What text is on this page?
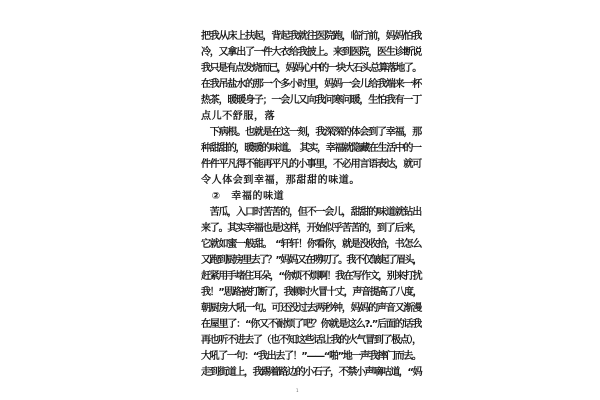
把我从床上扶起，背起我就往医院跑，临行前，妈妈怕我
冷，又拿出了一件大衣给我披上。来到医院，医生诊断说
我只是有点发烧而已，妈妈心中的一块大石头总算落地了。
在我吊盐水的那一个多小时里，妈妈一会儿给我端来一杯
热茶，暖暖身子；一会儿又向我问寒问暖，生怕我有一丁
点儿不舒服，落
　下病根。也就是在这一刻，我深深的体会到了幸福，那
种甜甜的，暖暖的味道。　其实，幸福就隐藏在生活中的一
件件平凡得不能再平凡的小事里，不必用言语表达，就可
令人体会到幸福，那甜甜的味道。
　②　幸福的味道
　苦瓜，入口时苦苦的，但不一会儿，甜甜的味道就钻出
来了。其实幸福也是这样，开始似乎苦苦的，到了后来，
它就如蜜一般甜。　“轩轩！你看你，就是没收拾，书怎么
又跑到厨房里去了？”妈妈又在唠叨了。我不仅皱起了眉头，
赶紧用手堵住耳朵，“你烦不烦啊！我在写作文，别来打扰
我！”思路被打断了，我顿时火冒十丈，声音提高了八度，
朝厨房大吼一句。可还没过去两秒钟，妈妈的声音又渐漫
在屋里了：“你又不耐烦了吧？你就是这么?.”后面的话我
再也听不进去了（也不知这些话让我的火气冒到了极点），
大吼了一句：“我出去了！”——“啪”地一声我摔门而去。
走到街道上，我踢着路边的小石子，不禁小声嘀咕道，“妈
1
